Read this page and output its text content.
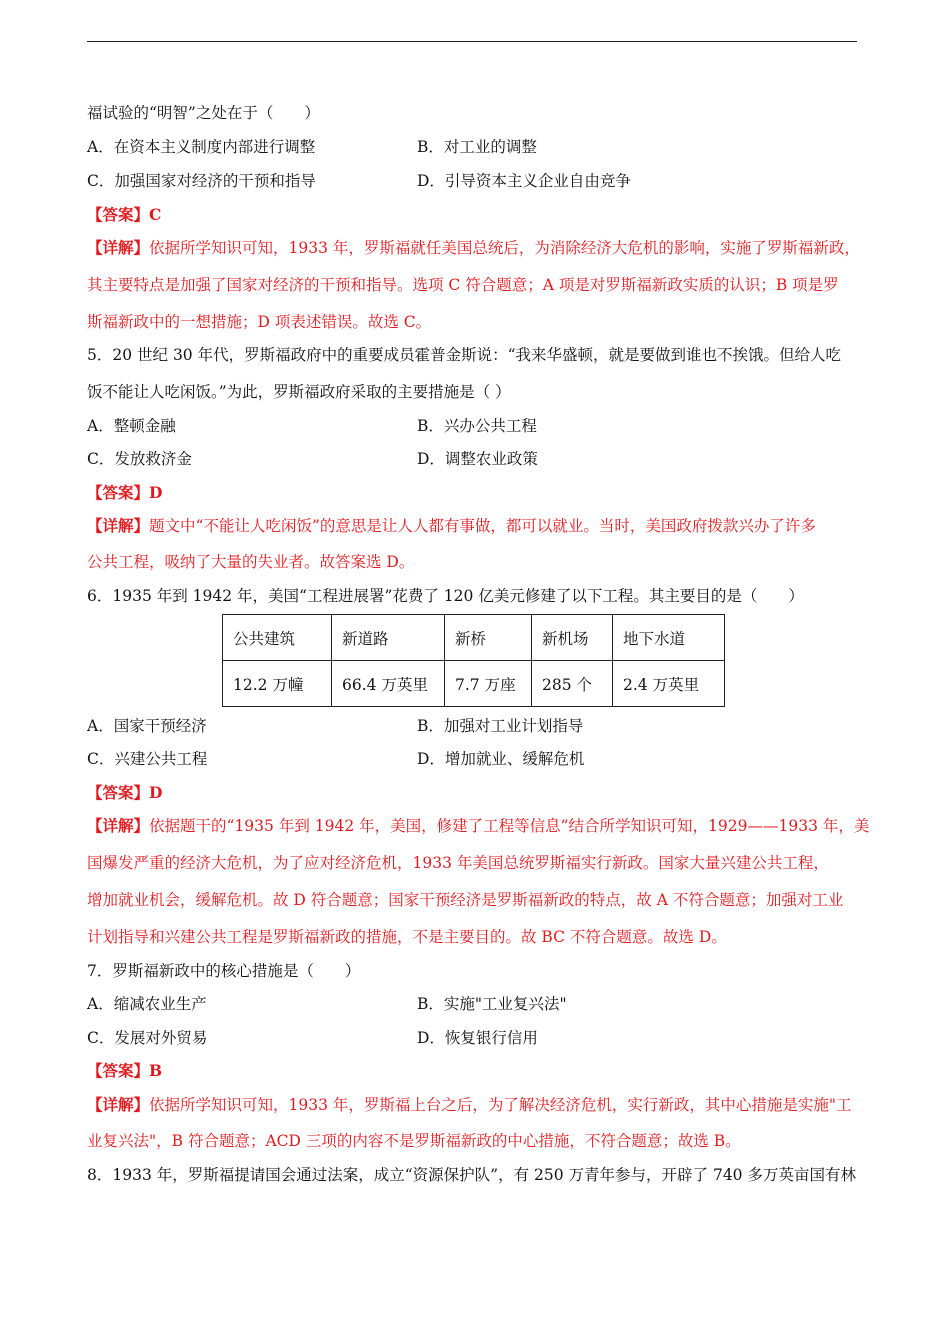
福试验的“明智”之处在于（　　）
A．在资本主义制度内部进行调整	B．对工业的调整
C．加强国家对经济的干预和指导	D．引导资本主义企业自由竞争
【答案】C
【详解】依据所学知识可知，1933 年，罗斯福就任美国总统后，为消除经济大危机的影响，实施了罗斯福新政，
其主要特点是加强了国家对经济的干预和指导。选项 C 符合题意；A 项是对罗斯福新政实质的认识；B 项是罗
斯福新政中的一想措施；D 项表述错误。故选 C。
5．20 世纪 30 年代，罗斯福政府中的重要成员霍普金斯说：“我来华盛顿，就是要做到谁也不挨饿。但给人吃
饭不能让人吃闲饭。”为此，罗斯福政府采取的主要措施是（ ）
A．整顿金融	B．兴办公共工程
C．发放救济金	D．调整农业政策
【答案】D
【详解】题文中“不能让人吃闲饭”的意思是让人人都有事做，都可以就业。当时，美国政府拨款兴办了许多
公共工程，吸纳了大量的失业者。故答案选 D。
6．1935 年到 1942 年，美国“工程进展署”花费了 120 亿美元修建了以下工程。其主要目的是（　　）
公共建筑	新道路	新桥	新机场	地下水道
12.2 万幢	66.4 万英里	7.7 万座	285 个	2.4 万英里
A．国家干预经济	B．加强对工业计划指导
C．兴建公共工程	D．增加就业、缓解危机
【答案】D
【详解】依据题干的“1935 年到 1942 年，美国，修建了工程等信息”结合所学知识可知，1929——1933 年，美
国爆发严重的经济大危机，为了应对经济危机，1933 年美国总统罗斯福实行新政。国家大量兴建公共工程，
增加就业机会，缓解危机。故 D 符合题意；国家干预经济是罗斯福新政的特点，故 A 不符合题意；加强对工业
计划指导和兴建公共工程是罗斯福新政的措施，不是主要目的。故 BC 不符合题意。故选 D。
7．罗斯福新政中的核心措施是（　　）
A．缩减农业生产	B．实施"工业复兴法"
C．发展对外贸易	D．恢复银行信用
【答案】B
【详解】依据所学知识可知，1933 年，罗斯福上台之后，为了解决经济危机，实行新政，其中心措施是实施"工
业复兴法"，B 符合题意；ACD 三项的内容不是罗斯福新政的中心措施，不符合题意；故选 B。
8．1933 年，罗斯福提请国会通过法案，成立“资源保护队”，有 250 万青年参与，开辟了 740 多万英亩国有林
